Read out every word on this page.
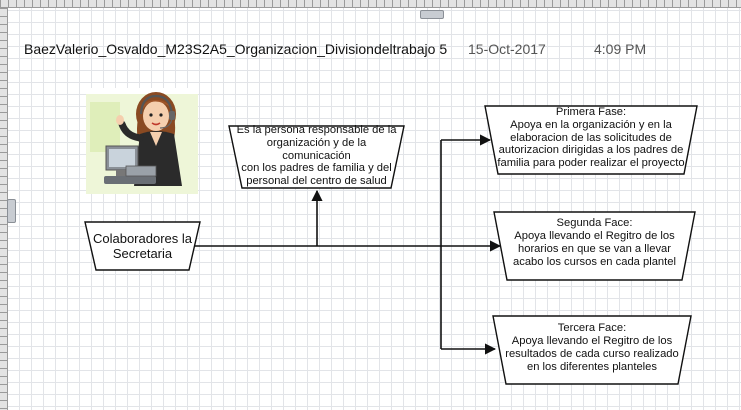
BaezValerio_Osvaldo_M23S2A5_Organizacion_Divisiondeltrabajo 5 15-Oct-2017	4:09 PM
Colaboradores la
Secretaria
Es la persona responsable de la
organización y de la comunicación
con los padres de familia y del
personal del centro de salud
Primera Fase:
Apoya en la organización y en la
elaboracion de las solicitudes de
autorizacion dirigidas a los padres de
familia para poder realizar el proyecto
Segunda Face:
Apoya llevando el Regitro de los
horarios en que se van a llevar
acabo los cursos en cada plantel
Tercera Face:
Apoya llevando el Regitro de los
resultados de cada curso realizado
en los diferentes planteles
